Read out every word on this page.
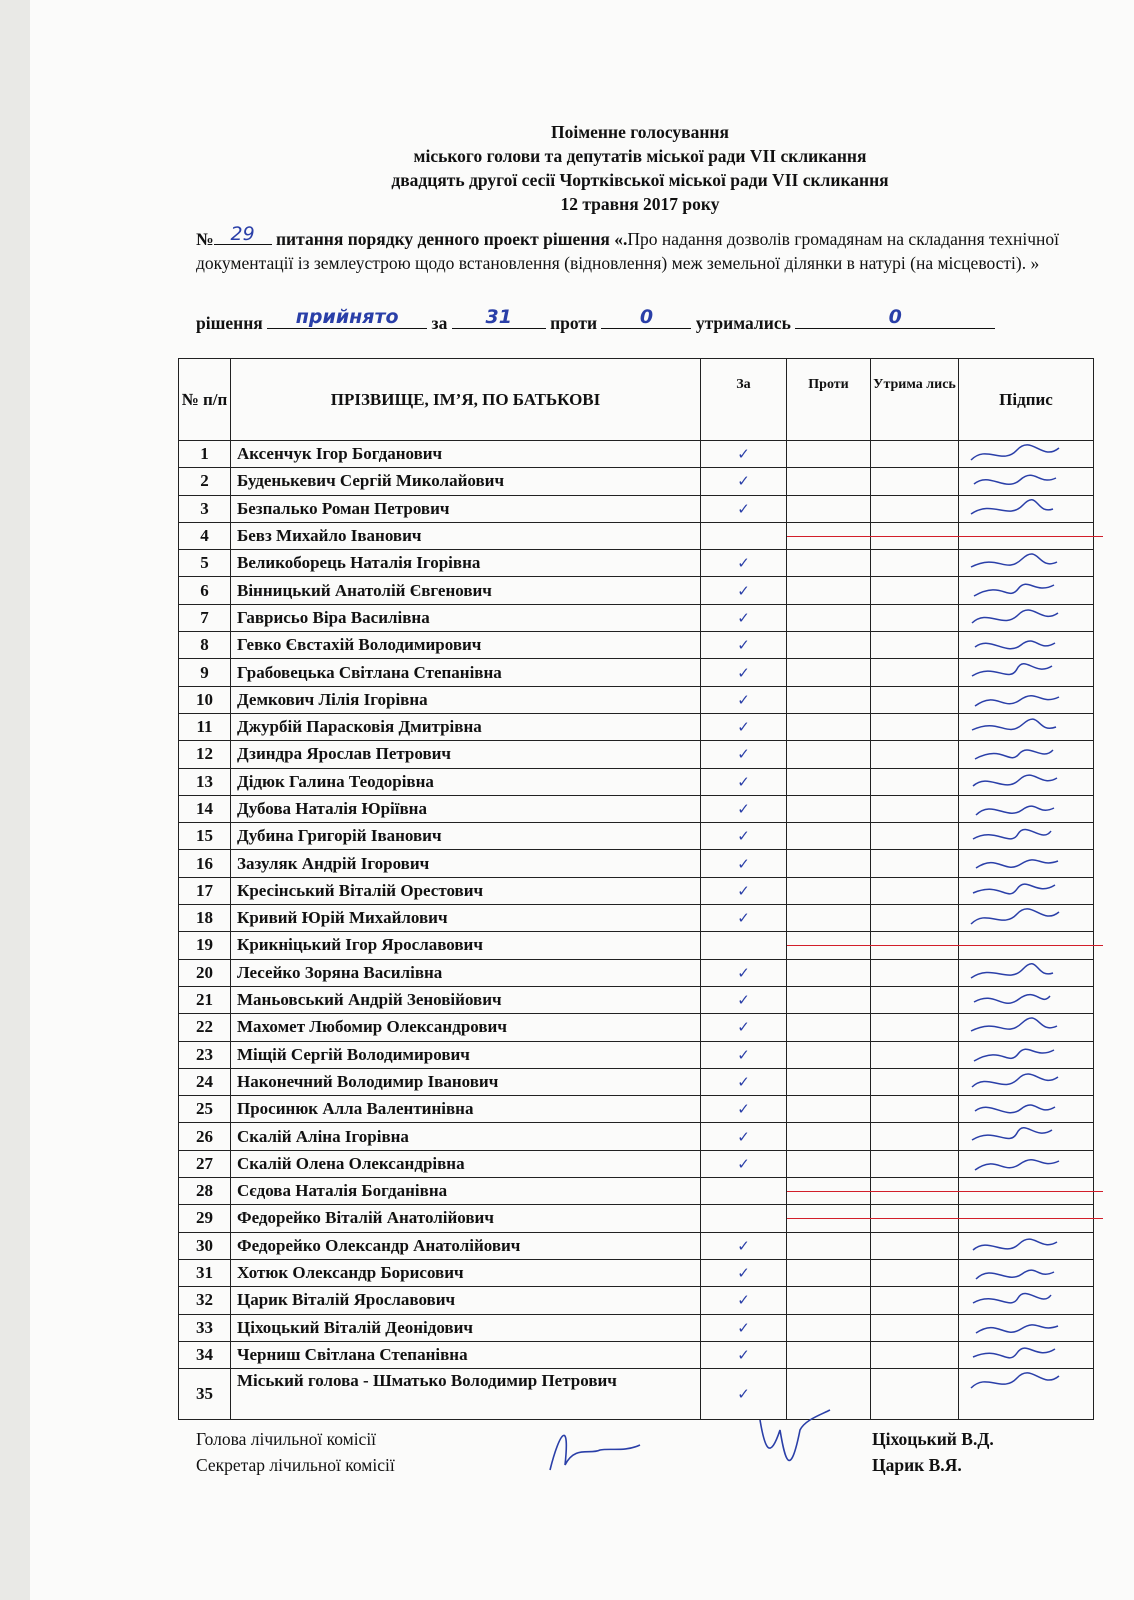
Поіменне голосування
міського голови та депутатів міської ради VII скликання
двадцять другої сесії Чортківської міської ради VII скликання
12 травня 2017 року
№ 29 питання порядку денного проект рішення «.Про надання дозволів громадянам на складання технічної документації із землеустрою щодо встановлення (відновлення) меж земельної ділянки в натурі (на місцевості). »
рішення	прийнято	за	31	проти	0	утримались	0
№ п/п	ПРІЗВИЩЕ, ІМ’Я, ПО БАТЬКОВІ	За	Проти	Утрима лись	Підпис
1	Аксенчук Ігор Богданович	✓			

2	Буденькевич Сергій Миколайович	✓			

3	Безпалько Роман Петрович	✓			

4	Бевз Михайло Іванович		

5	Великоборець Наталія Ігорівна	✓			

6	Вінницький Анатолій Євгенович	✓			

7	Гаврисьо Віра Василівна	✓			

8	Гевко Євстахій Володимирович	✓			

9	Грабовецька Світлана Степанівна	✓			

10	Демкович Лілія Ігорівна	✓			

11	Джурбій Парасковія Дмитрівна	✓			

12	Дзиндра Ярослав Петрович	✓			

13	Дідюк Галина Теодорівна	✓			

14	Дубова Наталія Юріївна	✓			

15	Дубина Григорій Іванович	✓			

16	Зазуляк Андрій Ігорович	✓			

17	Кресінський Віталій Орестович	✓			

18	Кривий Юрій Михайлович	✓			

19	Крикніцький Ігор Ярославович		

20	Лесейко Зоряна Василівна	✓			

21	Маньовський Андрій Зеновійович	✓			

22	Махомет Любомир Олександрович	✓			

23	Міщій Сергій Володимирович	✓			

24	Наконечний Володимир Іванович	✓			

25	Просинюк Алла Валентинівна	✓			

26	Скалій Аліна Ігорівна	✓			

27	Скалій Олена Олександрівна	✓			

28	Сєдова Наталія Богданівна		

29	Федорейко Віталій Анатолійович		

30	Федорейко Олександр Анатолійович	✓			

31	Хотюк Олександр Борисович	✓			

32	Царик Віталій Ярославович	✓			

33	Ціхоцький Віталій Деонідович	✓			

34	Черниш Світлана Степанівна	✓			

35	Міський голова - Шматько Володимир Петрович	✓			
Голова лічильної комісії
Секретар лічильної комісії
Ціхоцький В.Д.
Царик В.Я.
